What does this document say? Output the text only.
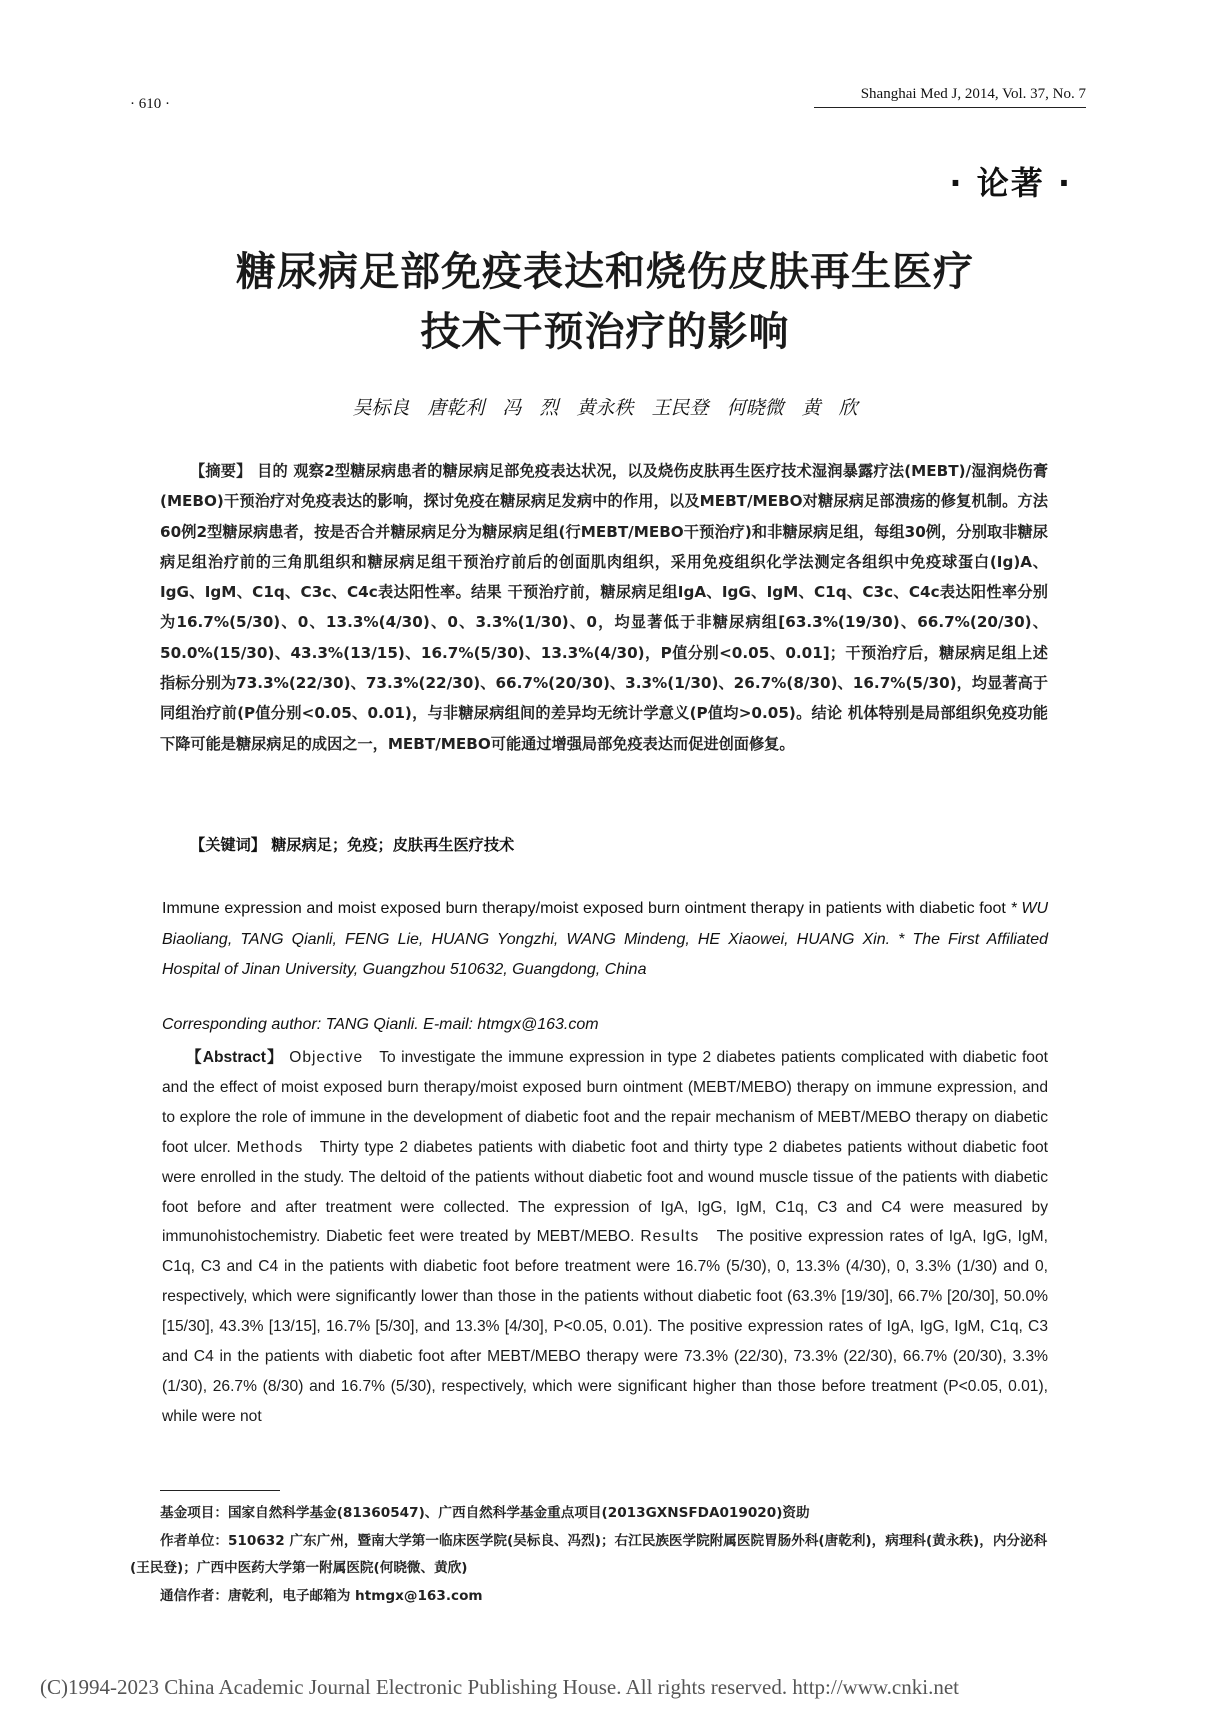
· 610 ·
Shanghai Med J, 2014, Vol. 37, No. 7
· 论著 ·
糖尿病足部免疫表达和烧伤皮肤再生医疗
技术干预治疗的影响
吴标良 唐乾利 冯 烈 黄永秩 王民登 何晓微 黄 欣

【摘要】 目的 观察2型糖尿病患者的糖尿病足部免疫表达状况，以及烧伤皮肤再生医疗技术湿润暴露疗法(MEBT)/湿润烧伤膏(MEBO)干预治疗对免疫表达的影响，探讨免疫在糖尿病足发病中的作用，以及MEBT/MEBO对糖尿病足部溃疡的修复机制。方法 60例2型糖尿病患者，按是否合并糖尿病足分为糖尿病足组(行MEBT/MEBO干预治疗)和非糖尿病足组，每组30例，分别取非糖尿病足组治疗前的三角肌组织和糖尿病足组干预治疗前后的创面肌肉组织，采用免疫组织化学法测定各组织中免疫球蛋白(Ig)A、IgG、IgM、C1q、C3c、C4c表达阳性率。结果 干预治疗前，糖尿病足组IgA、IgG、IgM、C1q、C3c、C4c表达阳性率分别为16.7%(5/30)、0、13.3%(4/30)、0、3.3%(1/30)、0，均显著低于非糖尿病组[63.3%(19/30)、66.7%(20/30)、50.0%(15/30)、43.3%(13/15)、16.7%(5/30)、13.3%(4/30)，P值分别<0.05、0.01]；干预治疗后，糖尿病足组上述指标分别为73.3%(22/30)、73.3%(22/30)、66.7%(20/30)、3.3%(1/30)、26.7%(8/30)、16.7%(5/30)，均显著高于同组治疗前(P值分别<0.05、0.01)，与非糖尿病组间的差异均无统计学意义(P值均>0.05)。结论 机体特别是局部组织免疫功能下降可能是糖尿病足的成因之一，MEBT/MEBO可能通过增强局部免疫表达而促进创面修复。

【关键词】 糖尿病足；免疫；皮肤再生医疗技术
Immune expression and moist exposed burn therapy/moist exposed burn ointment therapy in patients with diabetic foot * WU Biaoliang, TANG Qianli, FENG Lie, HUANG Yongzhi, WANG Mindeng, HE Xiaowei, HUANG Xin. * The First Affiliated Hospital of Jinan University, Guangzhou 510632, Guangdong, China
Corresponding author: TANG Qianli. E-mail: htmgx@163.com

【Abstract】 Objective To investigate the immune expression in type 2 diabetes patients complicated with diabetic foot and the effect of moist exposed burn therapy/moist exposed burn ointment (MEBT/MEBO) therapy on immune expression, and to explore the role of immune in the development of diabetic foot and the repair mechanism of MEBT/MEBO therapy on diabetic foot ulcer. Methods Thirty type 2 diabetes patients with diabetic foot and thirty type 2 diabetes patients without diabetic foot were enrolled in the study. The deltoid of the patients without diabetic foot and wound muscle tissue of the patients with diabetic foot before and after treatment were collected. The expression of IgA, IgG, IgM, C1q, C3 and C4 were measured by immunohistochemistry. Diabetic feet were treated by MEBT/MEBO. Results The positive expression rates of IgA, IgG, IgM, C1q, C3 and C4 in the patients with diabetic foot before treatment were 16.7% (5/30), 0, 13.3% (4/30), 0, 3.3% (1/30) and 0, respectively, which were significantly lower than those in the patients without diabetic foot (63.3% [19/30], 66.7% [20/30], 50.0% [15/30], 43.3% [13/15], 16.7% [5/30], and 13.3% [4/30], P<0.05, 0.01). The positive expression rates of IgA, IgG, IgM, C1q, C3 and C4 in the patients with diabetic foot after MEBT/MEBO therapy were 73.3% (22/30), 73.3% (22/30), 66.7% (20/30), 3.3% (1/30), 26.7% (8/30) and 16.7% (5/30), respectively, which were significant higher than those before treatment (P<0.05, 0.01), while were not

基金项目：国家自然科学基金(81360547)、广西自然科学基金重点项目(2013GXNSFDA019020)资助

作者单位：510632 广东广州，暨南大学第一临床医学院(吴标良、冯烈)；右江民族医学院附属医院胃肠外科(唐乾利)，病理科(黄永秩)，内分泌科(王民登)；广西中医药大学第一附属医院(何晓微、黄欣)

通信作者：唐乾利，电子邮箱为 htmgx@163.com

(C)1994-2023 China Academic Journal Electronic Publishing House. All rights reserved. http://www.cnki.net
